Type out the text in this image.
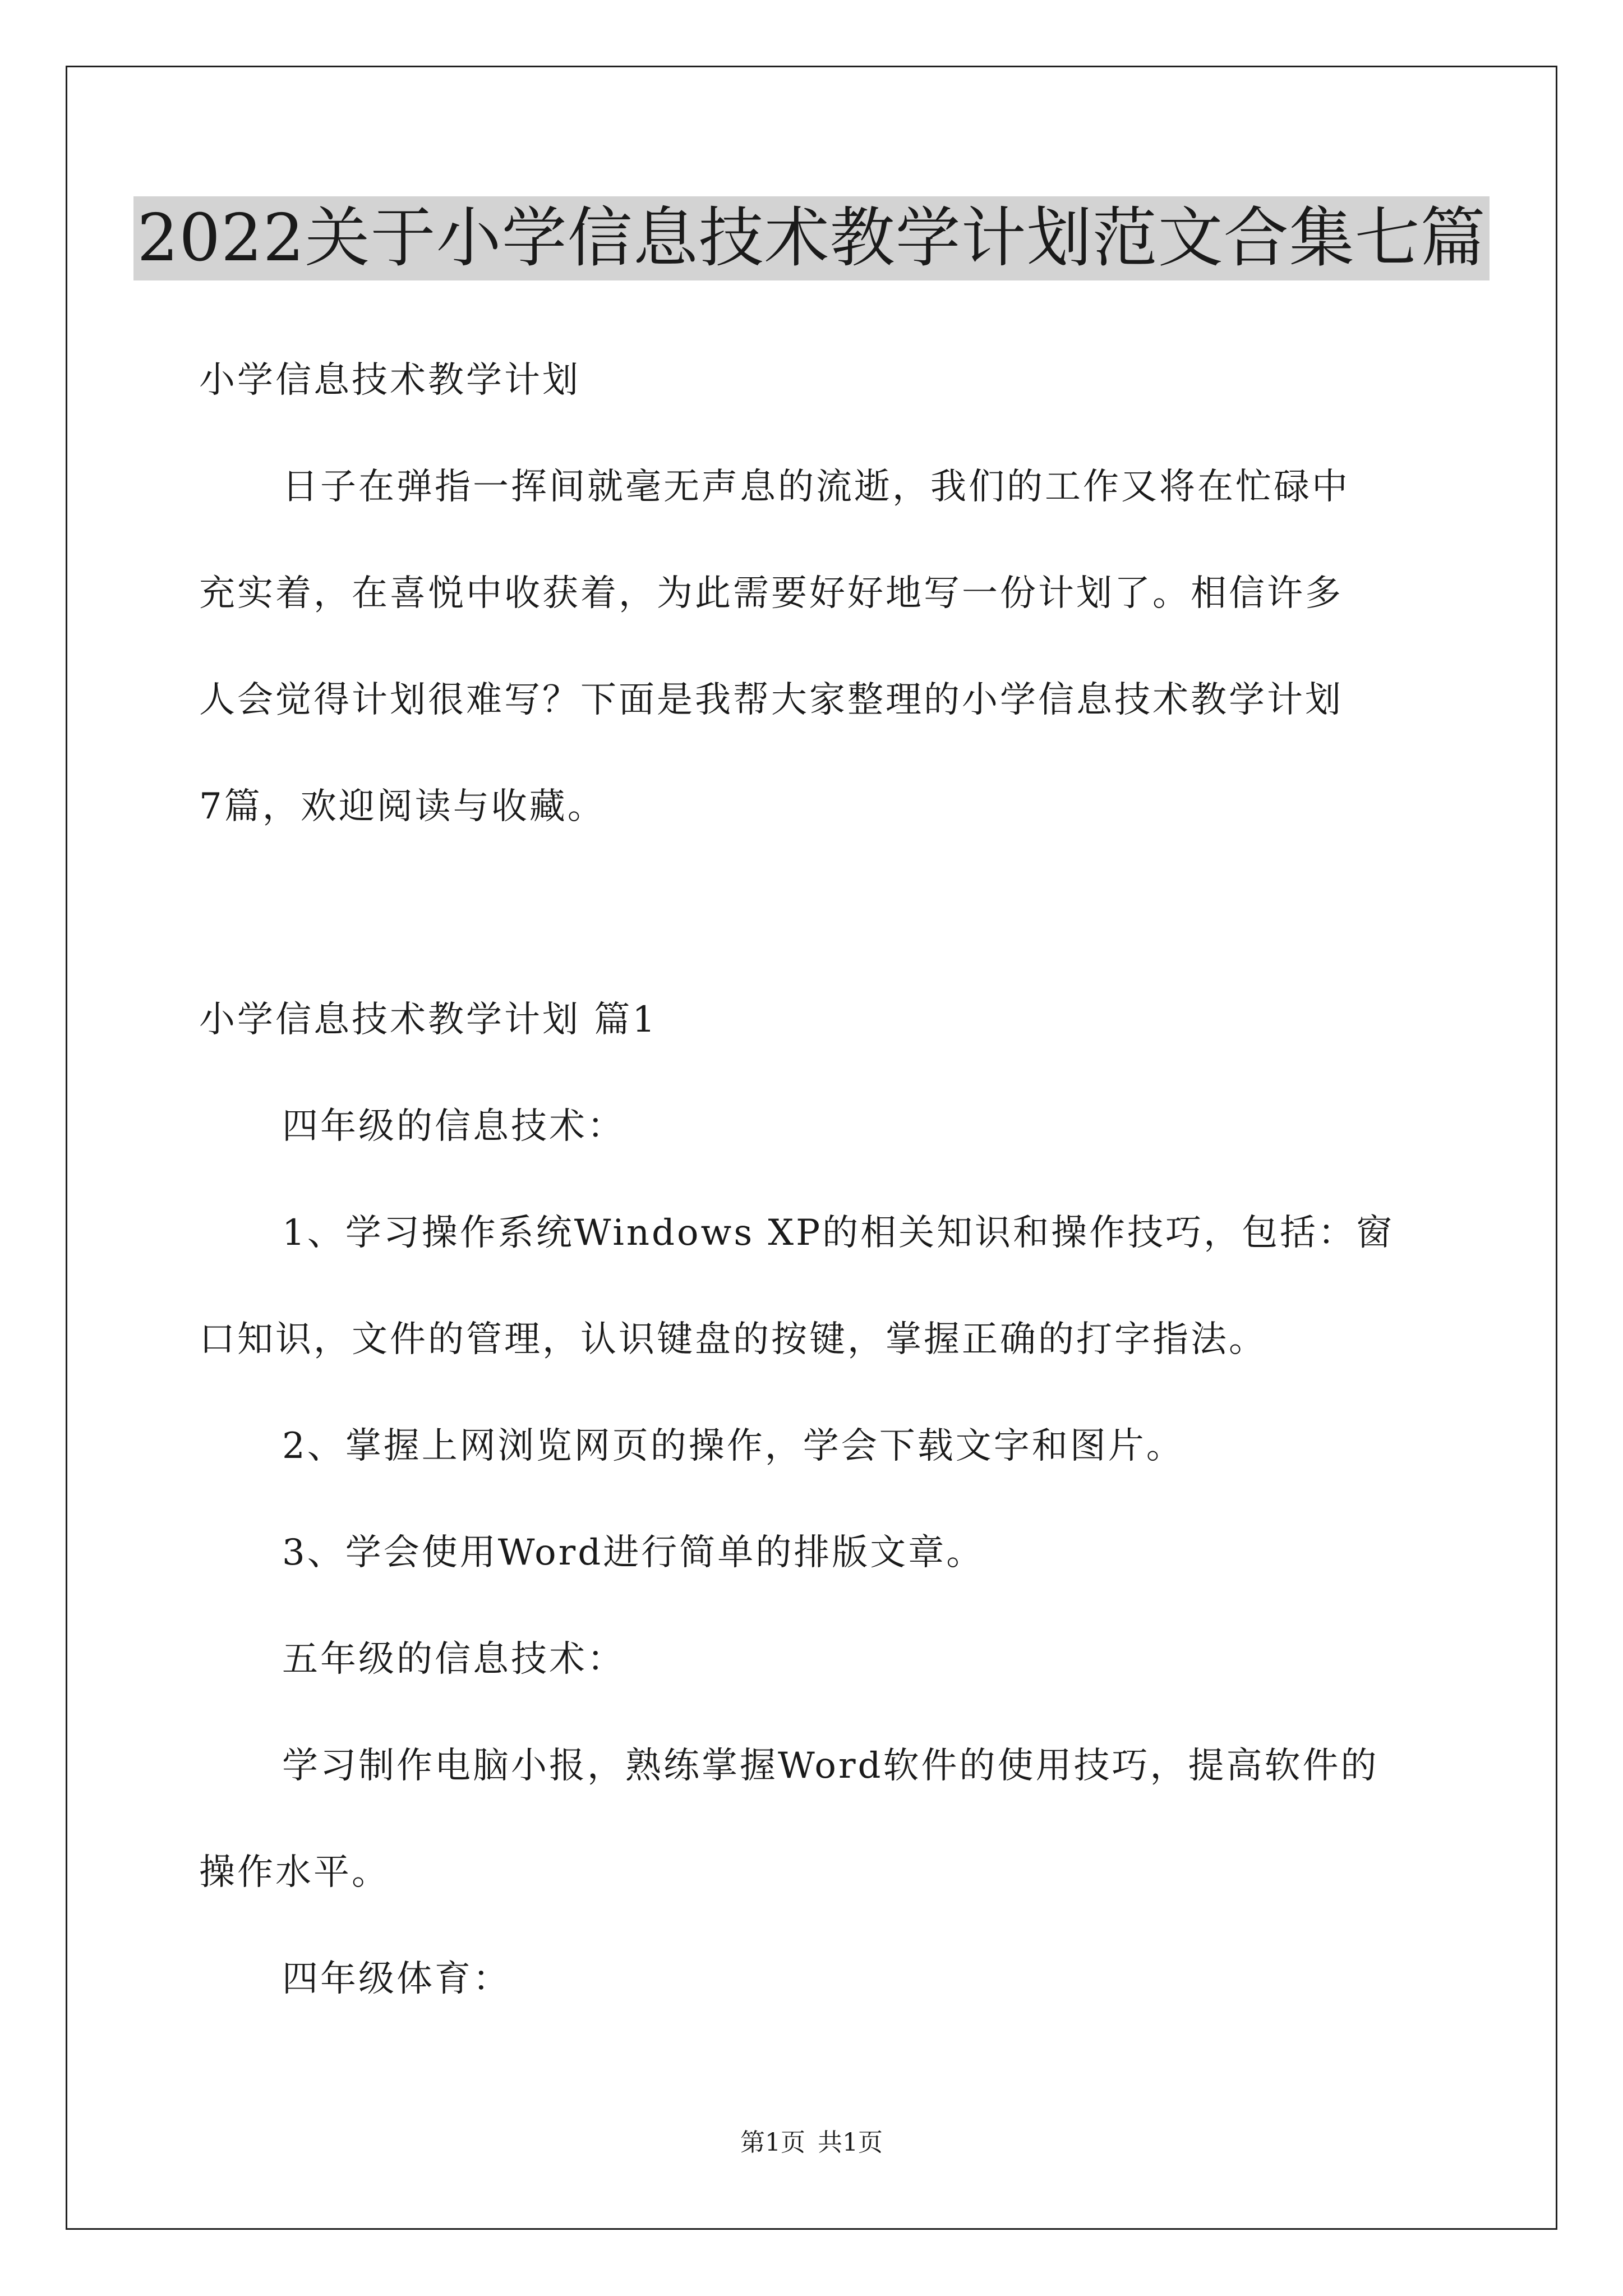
2022关于小学信息技术教学计划范文合集七篇
小学信息技术教学计划
日子在弹指一挥间就毫无声息的流逝，我们的工作又将在忙碌中
充实着，在喜悦中收获着，为此需要好好地写一份计划了。相信许多
人会觉得计划很难写？下面是我帮大家整理的小学信息技术教学计划
7篇，欢迎阅读与收藏。
小学信息技术教学计划 篇1
四年级的信息技术：
1、学习操作系统Windows XP的相关知识和操作技巧，包括：窗
口知识，文件的管理，认识键盘的按键，掌握正确的打字指法。
2、掌握上网浏览网页的操作，学会下载文字和图片。
3、学会使用Word进行简单的排版文章。
五年级的信息技术：
学习制作电脑小报，熟练掌握Word软件的使用技巧，提高软件的
操作水平。
四年级体育：
第1页 共1页
